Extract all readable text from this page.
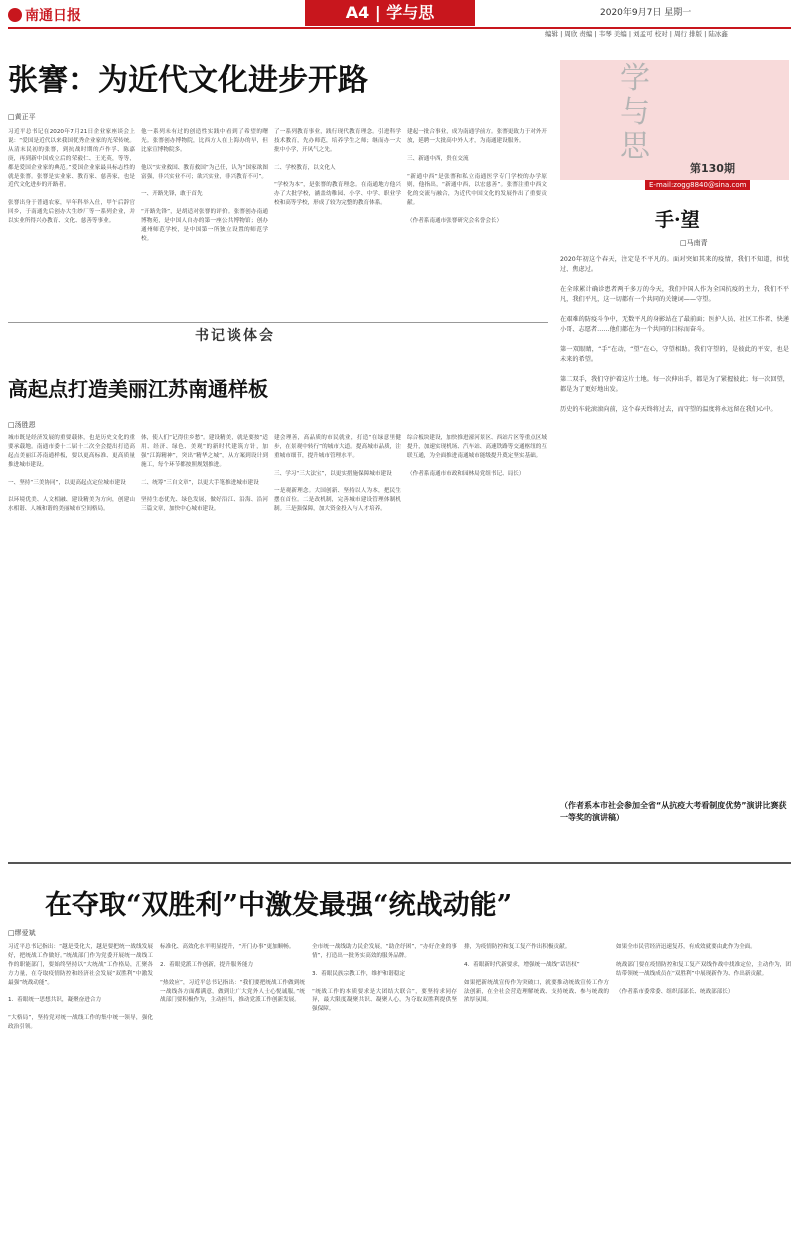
南通日报	A4 | 学与思	2020年9月7日 星期一
编辑 | 周欣 责编 | 韦琴 美编 | 刘孟可 校对 | 周行 排版 | 陆冰鑫
张謇：为近代文化进步开路
□黄正平
习近平总书记在2020年7月21日企业家座谈会上说：“爱国是近代以来我国优秀企业家的光荣传统。从清末民初的张謇，到抗战时期的卢作孚、陈嘉庚，再到新中国成立后的荣毅仁、王光英，等等，都是爱国企业家的典范。”爱国企业家最具标志性的就是张謇。张謇是实业家、教育家、慈善家，也是近代文化进步的开路者。

张謇出身于普通农家，早年科举入仕，甲午后辞官回乡，于南通先后创办大生纱厂等一系列企业，并以实业所得兴办教育、文化、慈善等事业。
他一系列未有过的创造性实践中看到了希望的曙光。张謇创办博物院，比西方人在上海办的早，但比家宣博物院多。

他以“实业救国、教育救国”为己任，认为“国家欲图富强，非兴实业不可；欲兴实业，非兴教育不可”。

一、开路先锋，敢于首先

“开路先锋”，是胡适对张謇的评价。张謇创办南通博物苑，是中国人自办的第一座公共博物馆；创办通州师范学校，是中国第一所独立设置的师范学校。
了一系列教育事业，践行现代教育理念。引进科学技术教育，先办师范，培养学生之师；继而办一大批中小学，开风气之先。

二、学校教育，以文化人

“学校为本”，是张謇的教育理念。在南通地方他兴办了大批学校，涵盖幼稚园、小学、中学、职业学校和高等学校，形成了较为完整的教育体系。
建起一批合事业，成为南通学前方。张謇更致力于对外开放，延聘一大批高中外人才，为南通建设服务。

三、新通中西，贵在交流

“新通中西”是张謇和私立南通医学专门学校的办学原则，他指出，“新通中西，以宏慈善”。张謇注重中西文化的交流与融合，为近代中国文化的发展作出了重要贡献。

（作者系南通市张謇研究会名誉会长）
学与思
第130期
E-mail:zogg8840@sina.com
手·望
□马南青
2020年初这个春天，注定是不平凡的。面对突如其来的疫情，我们不知道，担忧过、焦虑过。

在全球累计确诊患者两千多万的今天，我们中国人作为全国抗疫的主力，我们不平凡，我们平凡，这一切都有一个共同的关键词——守望。

在艰难的防疫斗争中，无数平凡的身影站在了最前面；医护人员、社区工作者、快递小哥、志愿者……他们都在为一个共同的目标而奋斗。

第一双眼睛，“手”在动，“望”在心，守望相助。我们守望的，是彼此的平安，也是未来的希望。

第二双手，我们守护着这片土地。每一次伸出手，都是为了紧握彼此；每一次回望，都是为了更好地出发。

历史的车轮滚滚向前，这个春天终将过去，而守望的温度将永远留在我们心中。
（作者系本市社会参加全省“从抗疫大考看制度优势”演讲比赛获一等奖的演讲稿）
书记谈体会
高起点打造美丽江苏南通样板
□汤胜恩
城市既是经济发展的重要载体，也是历史文化的重要承载地。南通市委十二届十二次全会提出打造高起点美丽江苏南通样板，要以更高标准、更高质量推进城市建设。

一、坚持“三美协同”，以更高起点定位城市建设

以环境优美、人文相融、建设精美为方向，创建山水相谐、人城和谐的美丽城市空间格局。
体，使人们“记得住乡愁”。建设精美，就是要按“适用、经济、绿色、美观”的新时代建筑方针，加强“江海精神”，突出“精华之城”，从方案到设计到施工，每个环节都按照规划推进。

二、统筹“三自文章”，以更大手笔推进城市建设

坚持生态优先、绿色发展，做好沿江、沿海、沿河三篇文章，加快中心城市建设。
建会理善，高品质的市民就业，打造“在绿意里健步，在景观中转行”的城市大道。提高城市品质，注重城市细节，提升城市管理水平。

三、学习“三大法宝”，以更实措施保障城市建设

一是观新理念。大国创新、坚持以人为本，把民生摆在首位。二是改机制，完善城市建设管理体制机制。三是强保障，加大资金投入与人才培养。
综合板块建设，加快推进濠河景区、西站片区等重点区域提升，加速实现机场、汽车站、高速铁路等交通枢纽的互联互通，为全面推进南通城市能级提升奠定坚实基础。

（作者系南通市市政和园林局党组书记、局长）
在夺取“双胜利”中激发最强“统战动能”
□缪爱斌
习近平总书记指出：“越是受化大，越是要把统一战线发展好，把统战工作做好。”统战部门作为党委开展统一战线工作的职能部门，要始终坚持以“大统战”工作格局，汇聚各方力量，在夺取疫情防控和经济社会发展“双胜利”中激发最强“统战动能”。

1．着眼统一思想共识，凝聚奋进合力

“大格局”，坚持党对统一战线工作的集中统一领导，强化政治引领。
标准化、高效化水平明显提升，“开门办事”更加顺畅。

2．着眼党派工作创新，提升服务能力

“热效应”，习近平总书记指出：“我们要把统战工作做到统一战线各方面都满意，做到让广大党外人士心悦诚服。”统战部门要积极作为，主动担当，推动党派工作创新发展。
全市统一战线助力民企发展，“助企纾困”，“办好企业的事情”，打造出一批务实高效的服务品牌。

3．着眼民族宗教工作，维护和谐稳定

“统战工作的本质要求是大团结大联合”，要坚持求同存异，最大限度凝聚共识、凝聚人心，为夺取双胜利提供坚强保障。
排，为疫情防控和复工复产作出积极贡献。

4．着眼新时代新要求，增强统一战线“话语权”

如果把新统战宣传作为突破口，就要推动统战宣传工作方法创新，在全社会营造理解统战、支持统战、参与统战的浓厚氛围。
如果全市民营经济迅速复苏，有成效就要由此作为全面。

统战部门要在疫情防控和复工复产双线作战中找准定位，主动作为，团结带领统一战线成员在“双胜利”中展现新作为、作出新贡献。

（作者系市委常委、组织部部长、统战部部长）
